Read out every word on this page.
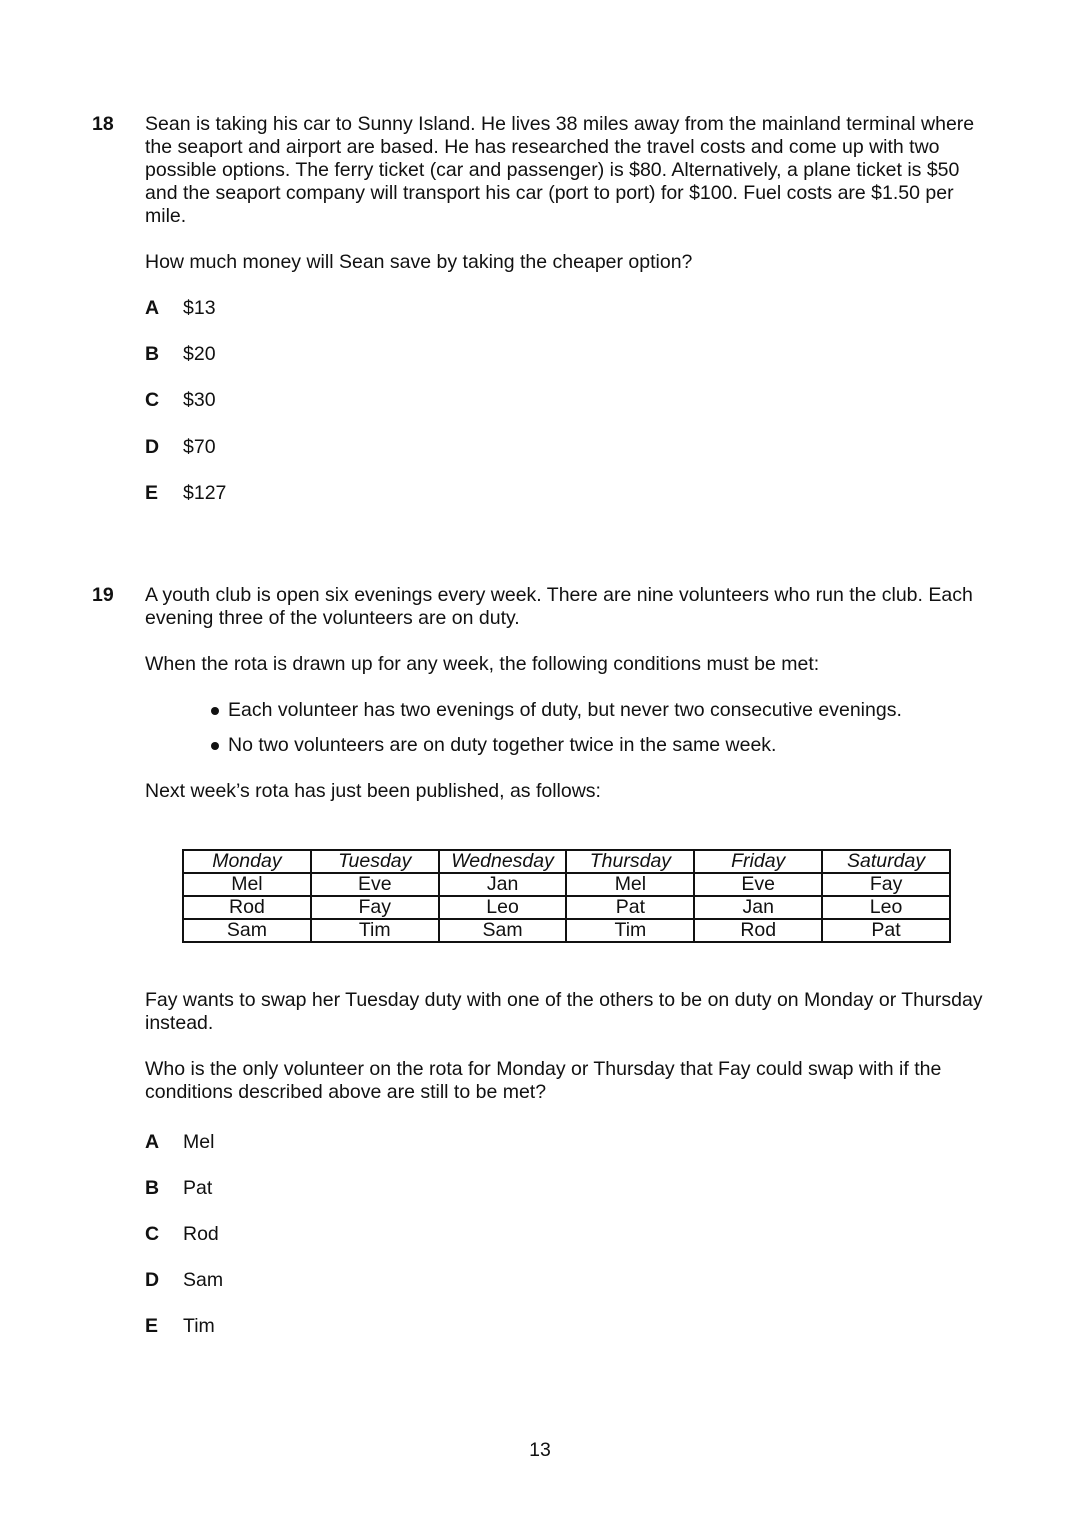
18 Sean is taking his car to Sunny Island. He lives 38 miles away from the mainland terminal where the seaport and airport are based. He has researched the travel costs and come up with two possible options. The ferry ticket (car and passenger) is $80. Alternatively, a plane ticket is $50 and the seaport company will transport his car (port to port) for $100. Fuel costs are $1.50 per mile.

How much money will Sean save by taking the cheaper option?

A $13
B $20
C $30
D $70
E $127

19 A youth club is open six evenings every week. There are nine volunteers who run the club. Each evening three of the volunteers are on duty.

When the rota is drawn up for any week, the following conditions must be met:

Each volunteer has two evenings of duty, but never two consecutive evenings.
No two volunteers are on duty together twice in the same week.

Next week’s rota has just been published, as follows:

Monday	Tuesday	Wednesday	Thursday	Friday	Saturday
Mel	Eve	Jan	Mel	Eve	Fay
Rod	Fay	Leo	Pat	Jan	Leo
Sam	Tim	Sam	Tim	Rod	Pat

Fay wants to swap her Tuesday duty with one of the others to be on duty on Monday or Thursday instead.

Who is the only volunteer on the rota for Monday or Thursday that Fay could swap with if the conditions described above are still to be met?

A Mel
B Pat
C Rod
D Sam
E Tim
13
